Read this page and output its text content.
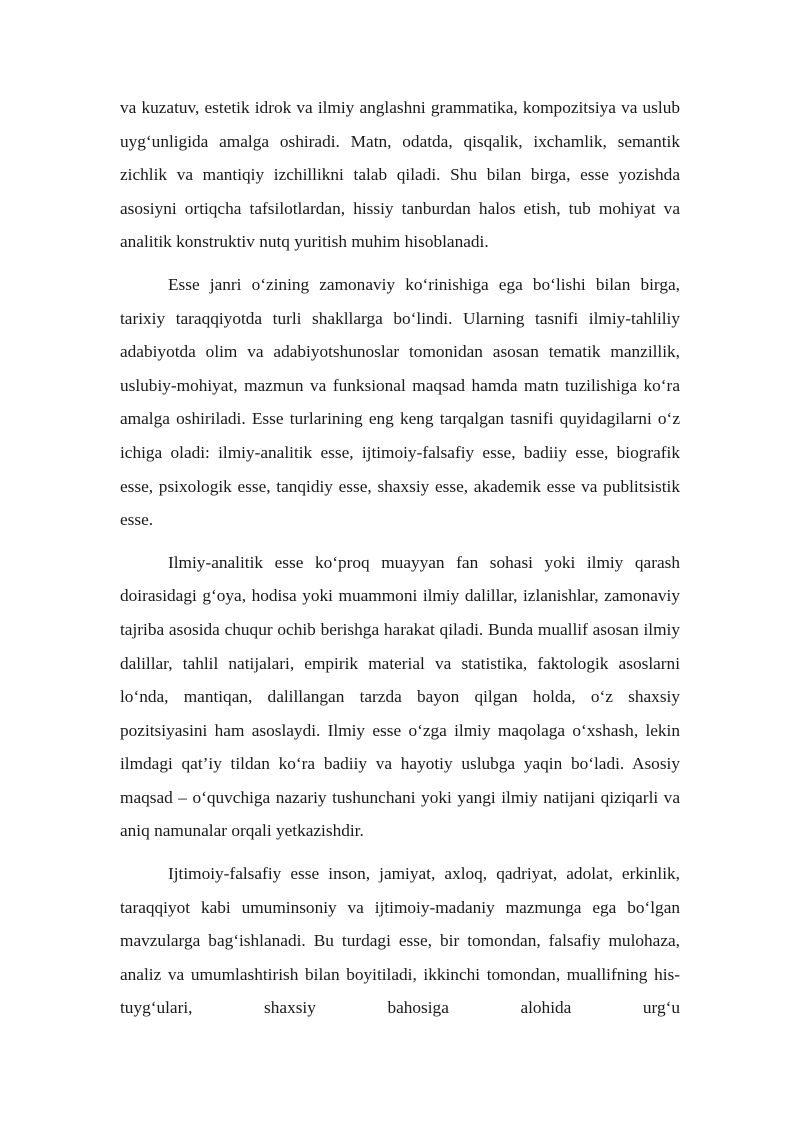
va kuzatuv, estetik idrok va ilmiy anglashni grammatika, kompozitsiya va uslub uyg‘unligida amalga oshiradi. Matn, odatda, qisqalik, ixchamlik, semantik zichlik va mantiqiy izchillikni talab qiladi. Shu bilan birga, esse yozishda asosiyni ortiqcha tafsilotlardan, hissiy tanburdan halos etish, tub mohiyat va analitik konstruktiv nutq yuritish muhim hisoblanadi.

Esse janri o‘zining zamonaviy ko‘rinishiga ega bo‘lishi bilan birga, tarixiy taraqqiyotda turli shakllarga bo‘lindi. Ularning tasnifi ilmiy-tahliliy adabiyotda olim va adabiyotshunoslar tomonidan asosan tematik manzillik, uslubiy-mohiyat, mazmun va funksional maqsad hamda matn tuzilishiga ko‘ra amalga oshiriladi. Esse turlarining eng keng tarqalgan tasnifi quyidagilarni o‘z ichiga oladi: ilmiy-analitik esse, ijtimoiy-falsafiy esse, badiiy esse, biografik esse, psixologik esse, tanqidiy esse, shaxsiy esse, akademik esse va publitsistik esse.

Ilmiy-analitik esse ko‘proq muayyan fan sohasi yoki ilmiy qarash doirasidagi g‘oya, hodisa yoki muammoni ilmiy dalillar, izlanishlar, zamonaviy tajriba asosida chuqur ochib berishga harakat qiladi. Bunda muallif asosan ilmiy dalillar, tahlil natijalari, empirik material va statistika, faktologik asoslarni lo‘nda, mantiqan, dalillangan tarzda bayon qilgan holda, o‘z shaxsiy pozitsiyasini ham asoslaydi. Ilmiy esse o‘zga ilmiy maqolaga o‘xshash, lekin ilmdagi qat’iy tildan ko‘ra badiiy va hayotiy uslubga yaqin bo‘ladi. Asosiy maqsad – o‘quvchiga nazariy tushunchani yoki yangi ilmiy natijani qiziqarli va aniq namunalar orqali yetkazishdir.

Ijtimoiy-falsafiy esse inson, jamiyat, axloq, qadriyat, adolat, erkinlik, taraqqiyot kabi umuminsoniy va ijtimoiy-madaniy mazmunga ega bo‘lgan mavzularga bag‘ishlanadi. Bu turdagi esse, bir tomondan, falsafiy mulohaza, analiz va umumlashtirish bilan boyitiladi, ikkinchi tomondan, muallifning his-tuyg‘ulari, shaxsiy bahosiga alohida urg‘u
